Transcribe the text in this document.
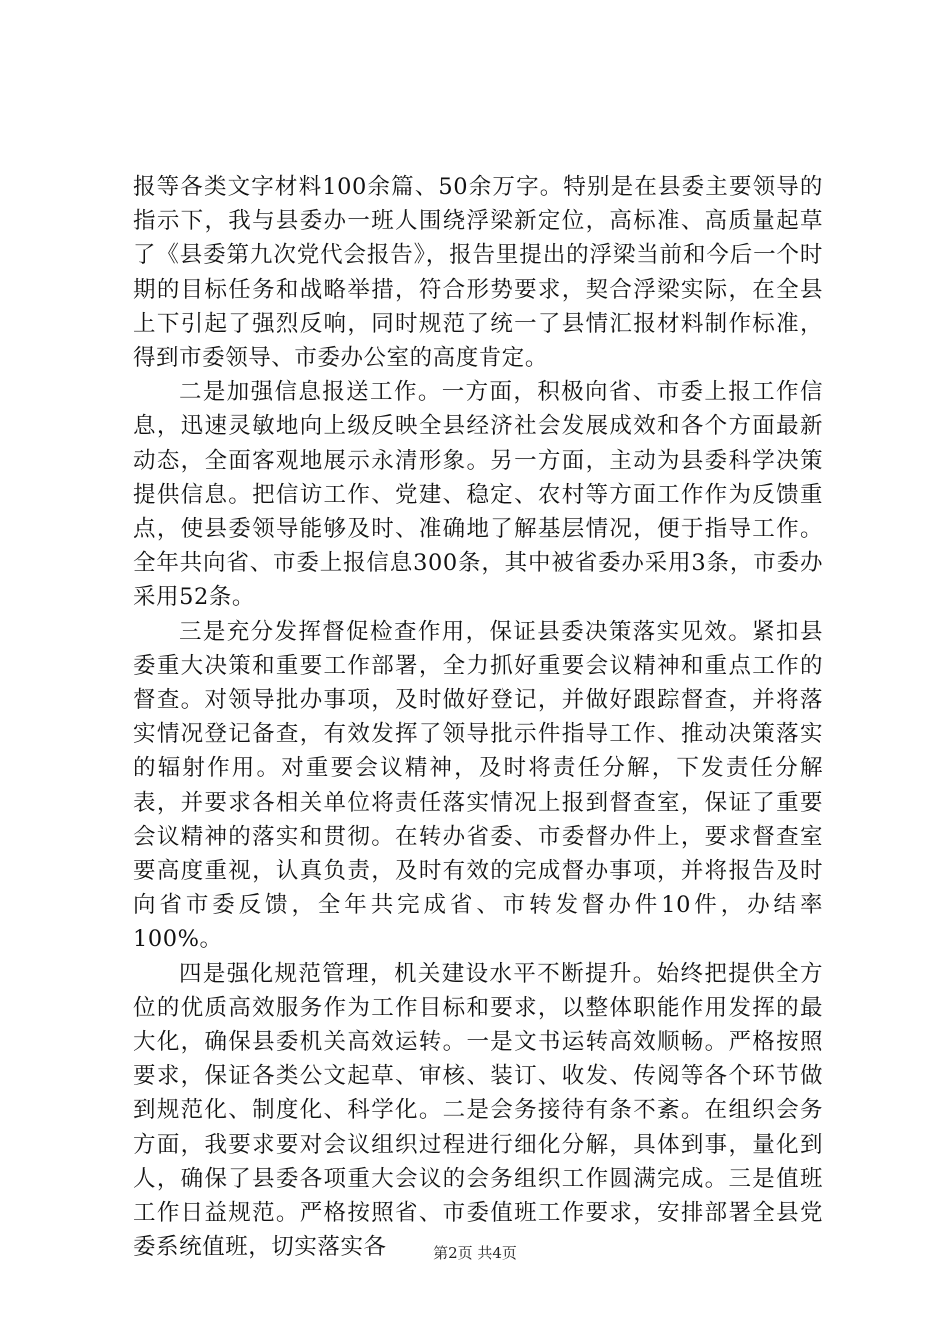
报等各类文字材料100余篇、50余万字。特别是在县委主要领导的指示下，我与县委办一班人围绕浮梁新定位，高标准、高质量起草了《县委第九次党代会报告》，报告里提出的浮梁当前和今后一个时期的目标任务和战略举措，符合形势要求，契合浮梁实际，在全县上下引起了强烈反响，同时规范了统一了县情汇报材料制作标准，得到市委领导、市委办公室的高度肯定。

二是加强信息报送工作。一方面，积极向省、市委上报工作信息，迅速灵敏地向上级反映全县经济社会发展成效和各个方面最新动态，全面客观地展示永清形象。另一方面，主动为县委科学决策提供信息。把信访工作、党建、稳定、农村等方面工作作为反馈重点，使县委领导能够及时、准确地了解基层情况，便于指导工作。全年共向省、市委上报信息300条，其中被省委办采用3条，市委办采用52条。

三是充分发挥督促检查作用，保证县委决策落实见效。紧扣县委重大决策和重要工作部署，全力抓好重要会议精神和重点工作的督查。对领导批办事项，及时做好登记，并做好跟踪督查，并将落实情况登记备查，有效发挥了领导批示件指导工作、推动决策落实的辐射作用。对重要会议精神，及时将责任分解，下发责任分解表，并要求各相关单位将责任落实情况上报到督查室，保证了重要会议精神的落实和贯彻。在转办省委、市委督办件上，要求督查室要高度重视，认真负责，及时有效的完成督办事项，并将报告及时向省市委反馈，全年共完成省、市转发督办件10件，办结率100%。

四是强化规范管理，机关建设水平不断提升。始终把提供全方位的优质高效服务作为工作目标和要求，以整体职能作用发挥的最大化，确保县委机关高效运转。一是文书运转高效顺畅。严格按照要求，保证各类公文起草、审核、装订、收发、传阅等各个环节做到规范化、制度化、科学化。二是会务接待有条不紊。在组织会务方面，我要求要对会议组织过程进行细化分解，具体到事，量化到人，确保了县委各项重大会议的会务组织工作圆满完成。三是值班工作日益规范。严格按照省、市委值班工作要求，安排部署全县党委系统值班，切实落实各	第2页 共4页
